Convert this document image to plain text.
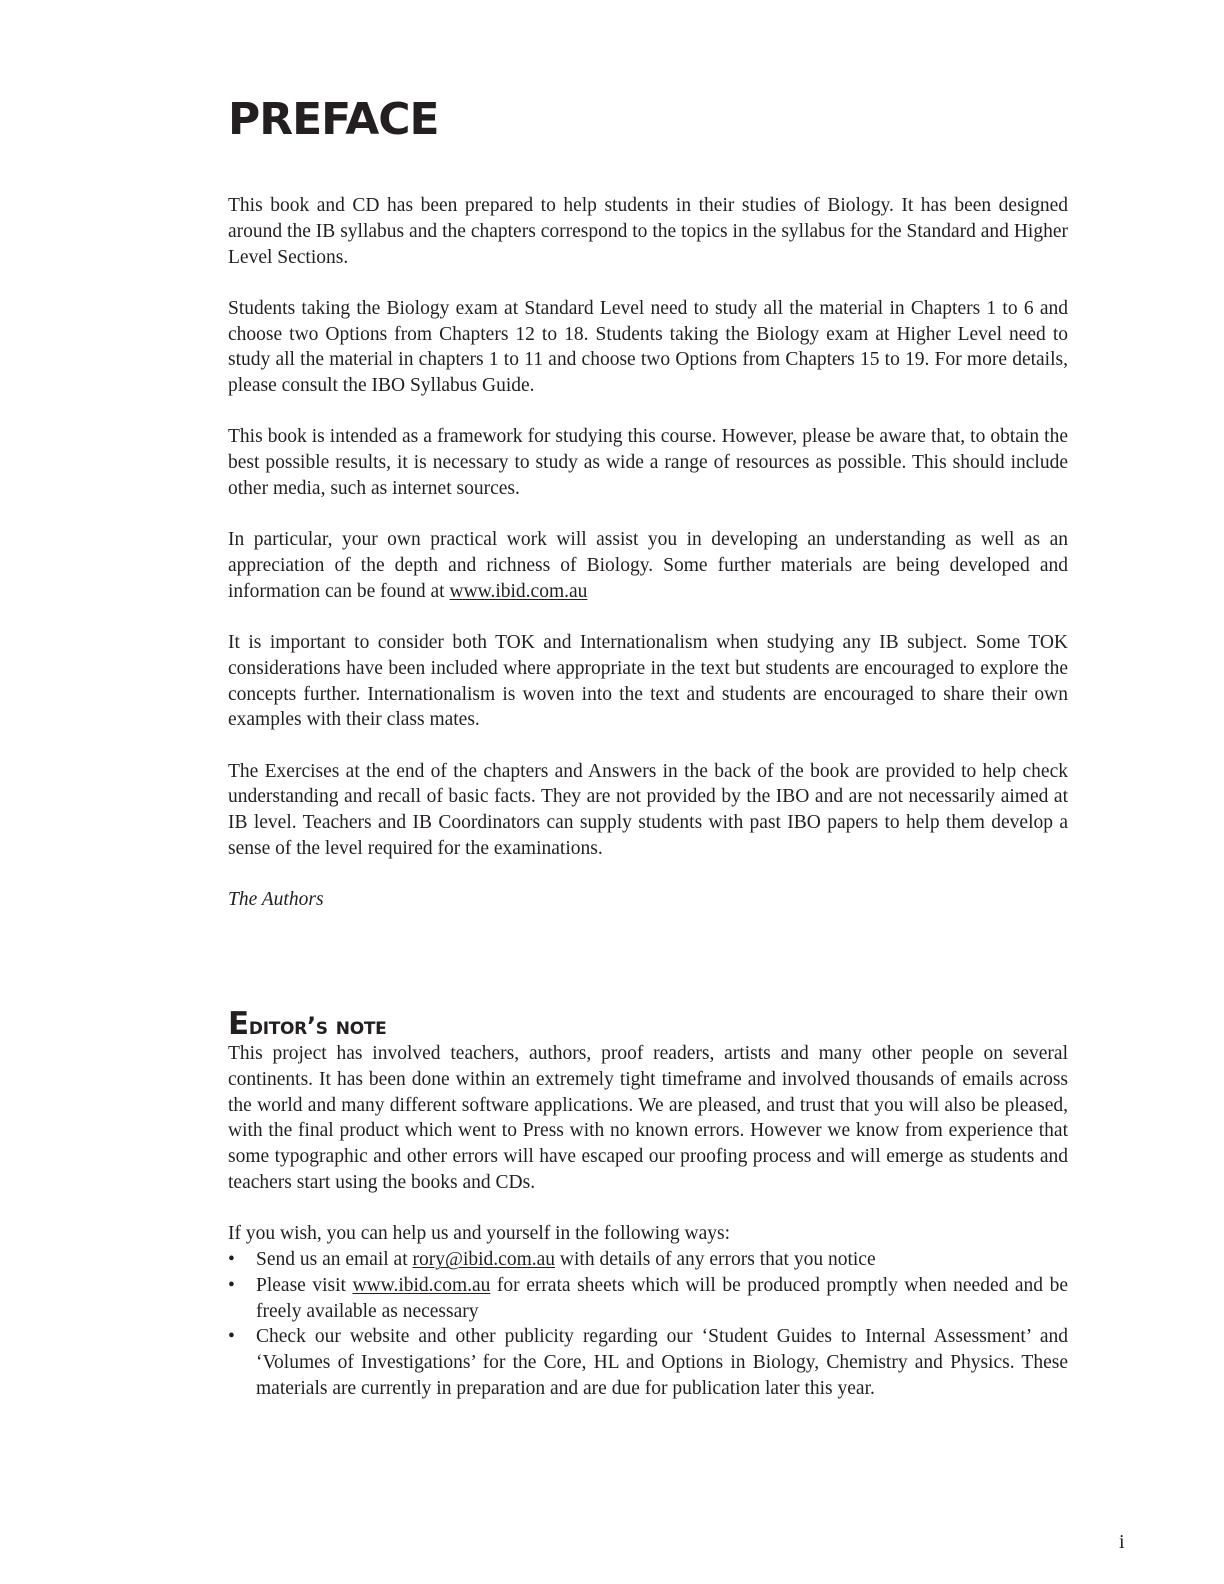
PREFACE

This book and CD has been prepared to help students in their studies of Biology. It has been designed around the IB syllabus and the chapters correspond to the topics in the syllabus for the Standard and Higher Level Sections.

Students taking the Biology exam at Standard Level need to study all the material in Chapters 1 to 6 and choose two Options from Chapters 12 to 18. Students taking the Biology exam at Higher Level need to study all the material in chapters 1 to 11 and choose two Options from Chapters 15 to 19. For more details, please consult the IBO Syllabus Guide.

This book is intended as a framework for studying this course. However, please be aware that, to obtain the best possible results, it is necessary to study as wide a range of resources as possible. This should include other media, such as internet sources.

In particular, your own practical work will assist you in developing an understanding as well as an appreciation of the depth and richness of Biology. Some further materials are being developed and information can be found at www.ibid.com.au

It is important to consider both TOK and Internationalism when studying any IB subject. Some TOK considerations have been included where appropriate in the text but students are encouraged to explore the concepts further. Internationalism is woven into the text and students are encouraged to share their own examples with their class mates.

The Exercises at the end of the chapters and Answers in the back of the book are provided to help check understanding and recall of basic facts. They are not provided by the IBO and are not necessarily aimed at IB level. Teachers and IB Coordinators can supply students with past IBO papers to help them develop a sense of the level required for the examinations.

The Authors

Editor’s note

This project has involved teachers, authors, proof readers, artists and many other people on several continents. It has been done within an extremely tight timeframe and involved thousands of emails across the world and many different software applications. We are pleased, and trust that you will also be pleased, with the final product which went to Press with no known errors. However we know from experience that some typographic and other errors will have escaped our proofing process and will emerge as students and teachers start using the books and CDs.

If you wish, you can help us and yourself in the following ways:

• Send us an email at rory@ibid.com.au with details of any errors that you notice
• Please visit www.ibid.com.au for errata sheets which will be produced promptly when needed and be freely available as necessary
• Check our website and other publicity regarding our ‘Student Guides to Internal Assessment’ and ‘Volumes of Investigations’ for the Core, HL and Options in Biology, Chemistry and Physics. These materials are currently in preparation and are due for publication later this year.
i
